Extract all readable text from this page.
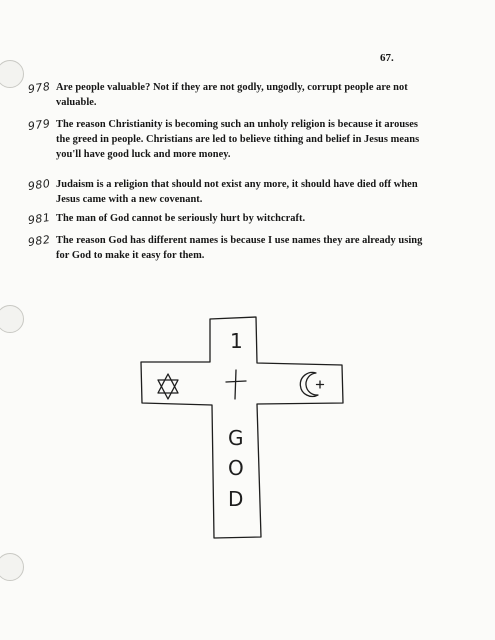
67.
978 Are people valuable? Not if they are not godly, ungodly, corrupt people are not valuable.
979 The reason Christianity is becoming such an unholy religion is because it arouses the greed in people. Christians are led to believe tithing and belief in Jesus means you'll have good luck and more money.
980 Judaism is a religion that should not exist any more, it should have died off when Jesus came with a new covenant.
981 The man of God cannot be seriously hurt by witchcraft.
982 The reason God has different names is because I use names they are already using for God to make it easy for them.
1
G
O
D
